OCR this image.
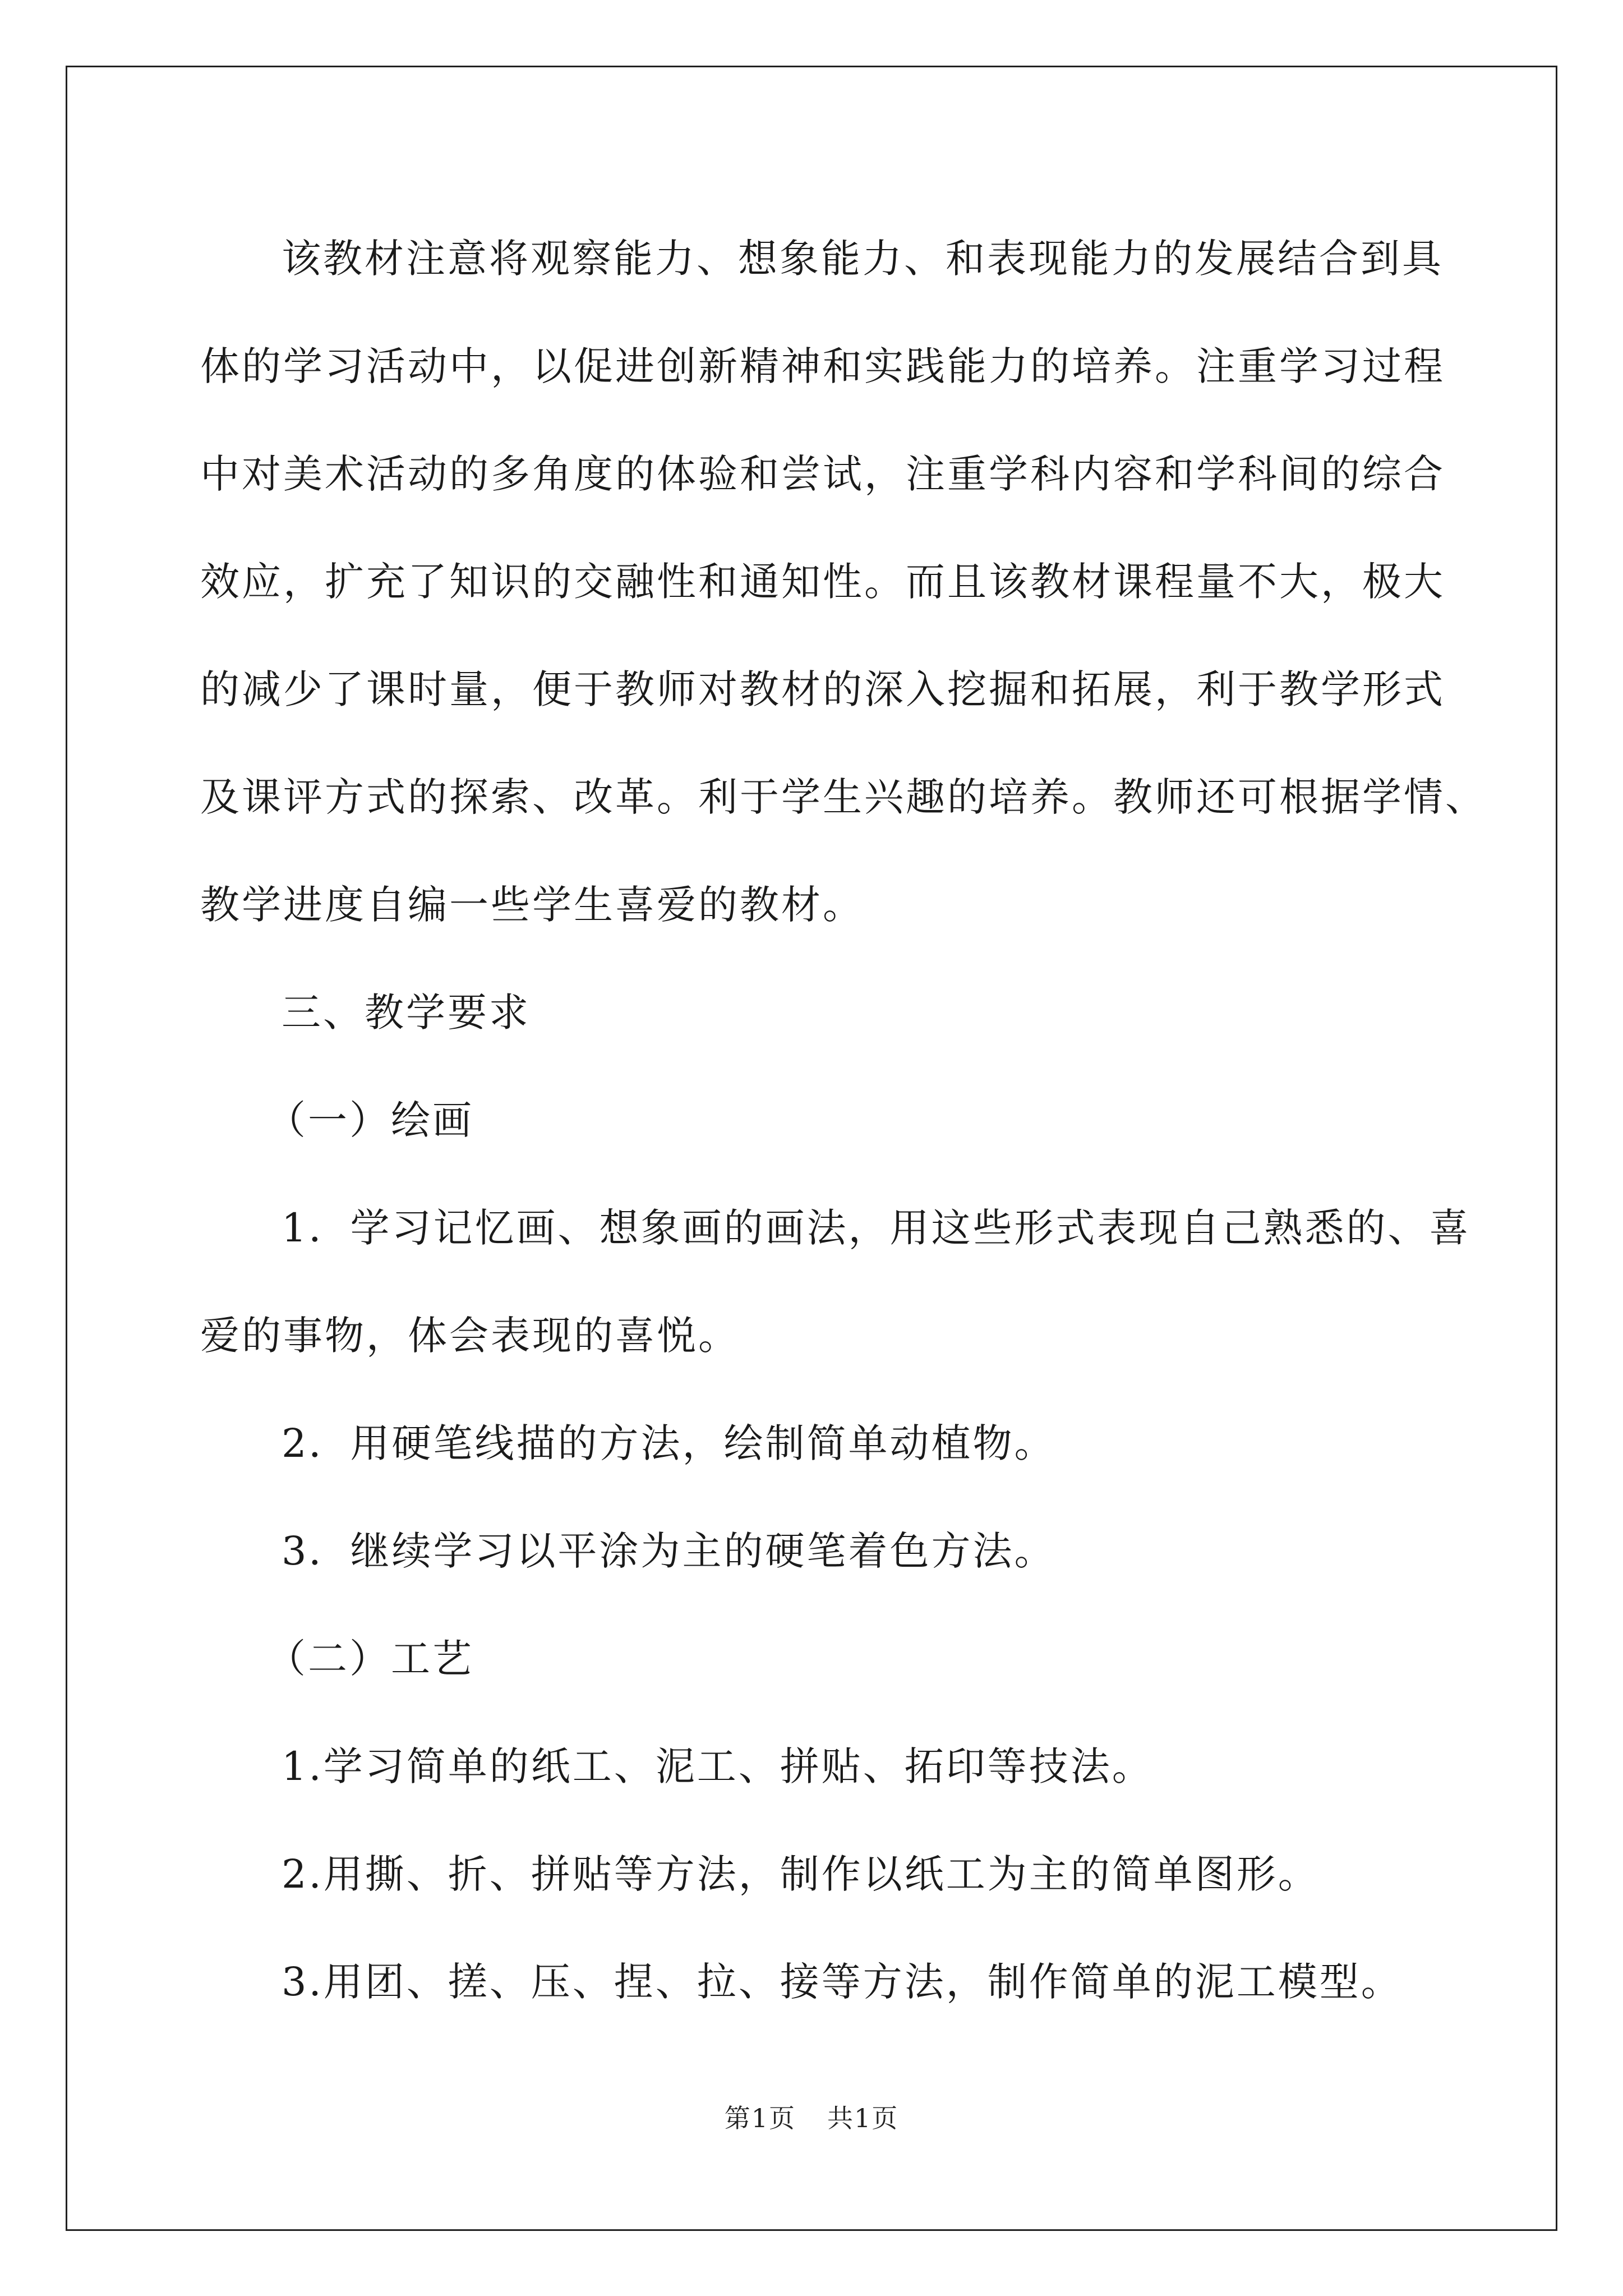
该教材注意将观察能力、想象能力、和表现能力的发展结合到具
体的学习活动中，以促进创新精神和实践能力的培养。注重学习过程
中对美术活动的多角度的体验和尝试，注重学科内容和学科间的综合
效应，扩充了知识的交融性和通知性。而且该教材课程量不大，极大
的减少了课时量，便于教师对教材的深入挖掘和拓展，利于教学形式
及课评方式的探索、改革。利于学生兴趣的培养。教师还可根据学情、
教学进度自编一些学生喜爱的教材。
三、教学要求
（一）绘画
1．学习记忆画、想象画的画法，用这些形式表现自己熟悉的、喜
爱的事物，体会表现的喜悦。
2．用硬笔线描的方法，绘制简单动植物。
3．继续学习以平涂为主的硬笔着色方法。
（二）工艺
1.学习简单的纸工、泥工、拼贴、拓印等技法。
2.用撕、折、拼贴等方法，制作以纸工为主的简单图形。
3.用团、搓、压、捏、拉、接等方法，制作简单的泥工模型。
第1页 共1页
